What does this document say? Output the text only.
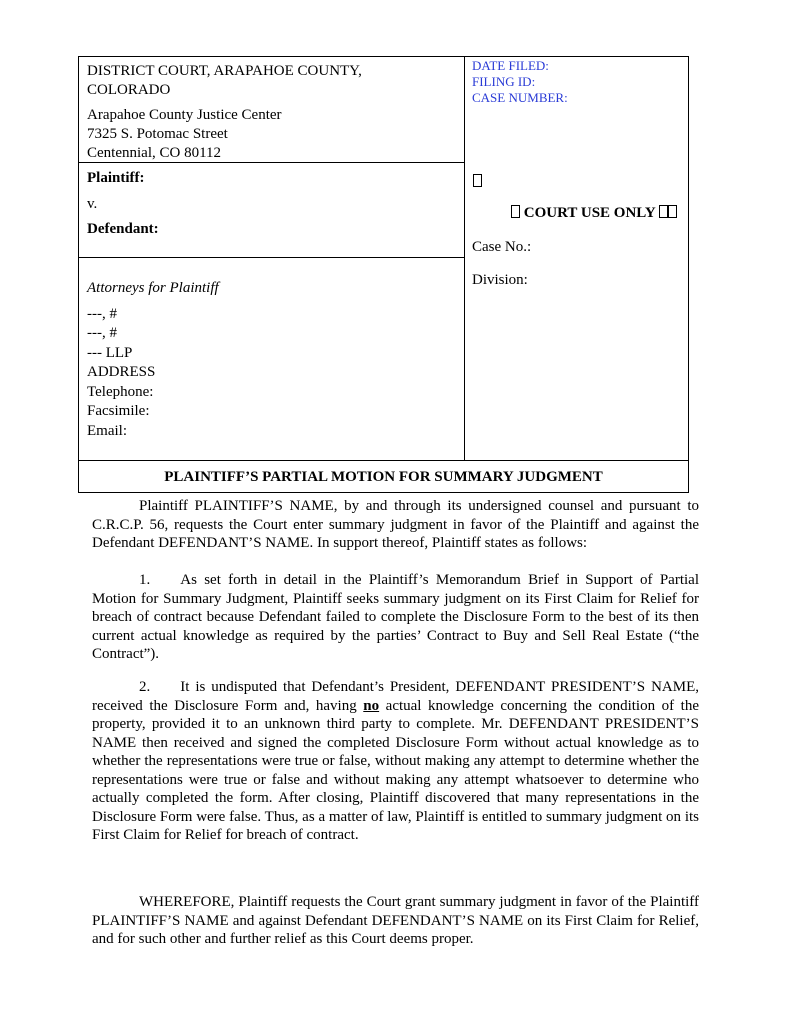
DISTRICT COURT, ARAPAHOE COUNTY,
COLORADO
Arapahoe County Justice Center
7325 S. Potomac Street
Centennial, CO 80112
Plaintiff:
v.
Defendant:
Attorneys for Plaintiff
---, #
---, #
--- LLP
ADDRESS
Telephone:
Facsimile:
Email:
DATE FILED:
FILING ID:
CASE NUMBER:
COURT USE ONLY
Case No.:
Division:
PLAINTIFF’S PARTIAL MOTION FOR SUMMARY JUDGMENT
Plaintiff PLAINTIFF’S NAME, by and through its undersigned counsel and pursuant to C.R.C.P. 56, requests the Court enter summary judgment in favor of the Plaintiff and against the Defendant DEFENDANT’S NAME. In support thereof, Plaintiff states as follows:
1. As set forth in detail in the Plaintiff’s Memorandum Brief in Support of Partial Motion for Summary Judgment, Plaintiff seeks summary judgment on its First Claim for Relief for breach of contract because Defendant failed to complete the Disclosure Form to the best of its then current actual knowledge as required by the parties’ Contract to Buy and Sell Real Estate (“the Contract”).
2. It is undisputed that Defendant’s President, DEFENDANT PRESIDENT’S NAME, received the Disclosure Form and, having no actual knowledge concerning the condition of the property, provided it to an unknown third party to complete. Mr. DEFENDANT PRESIDENT’S NAME then received and signed the completed Disclosure Form without actual knowledge as to whether the representations were true or false, without making any attempt to determine whether the representations were true or false and without making any attempt whatsoever to determine who actually completed the form. After closing, Plaintiff discovered that many representations in the Disclosure Form were false. Thus, as a matter of law, Plaintiff is entitled to summary judgment on its First Claim for Relief for breach of contract.
WHEREFORE, Plaintiff requests the Court grant summary judgment in favor of the Plaintiff PLAINTIFF’S NAME and against Defendant DEFENDANT’S NAME on its First Claim for Relief, and for such other and further relief as this Court deems proper.
